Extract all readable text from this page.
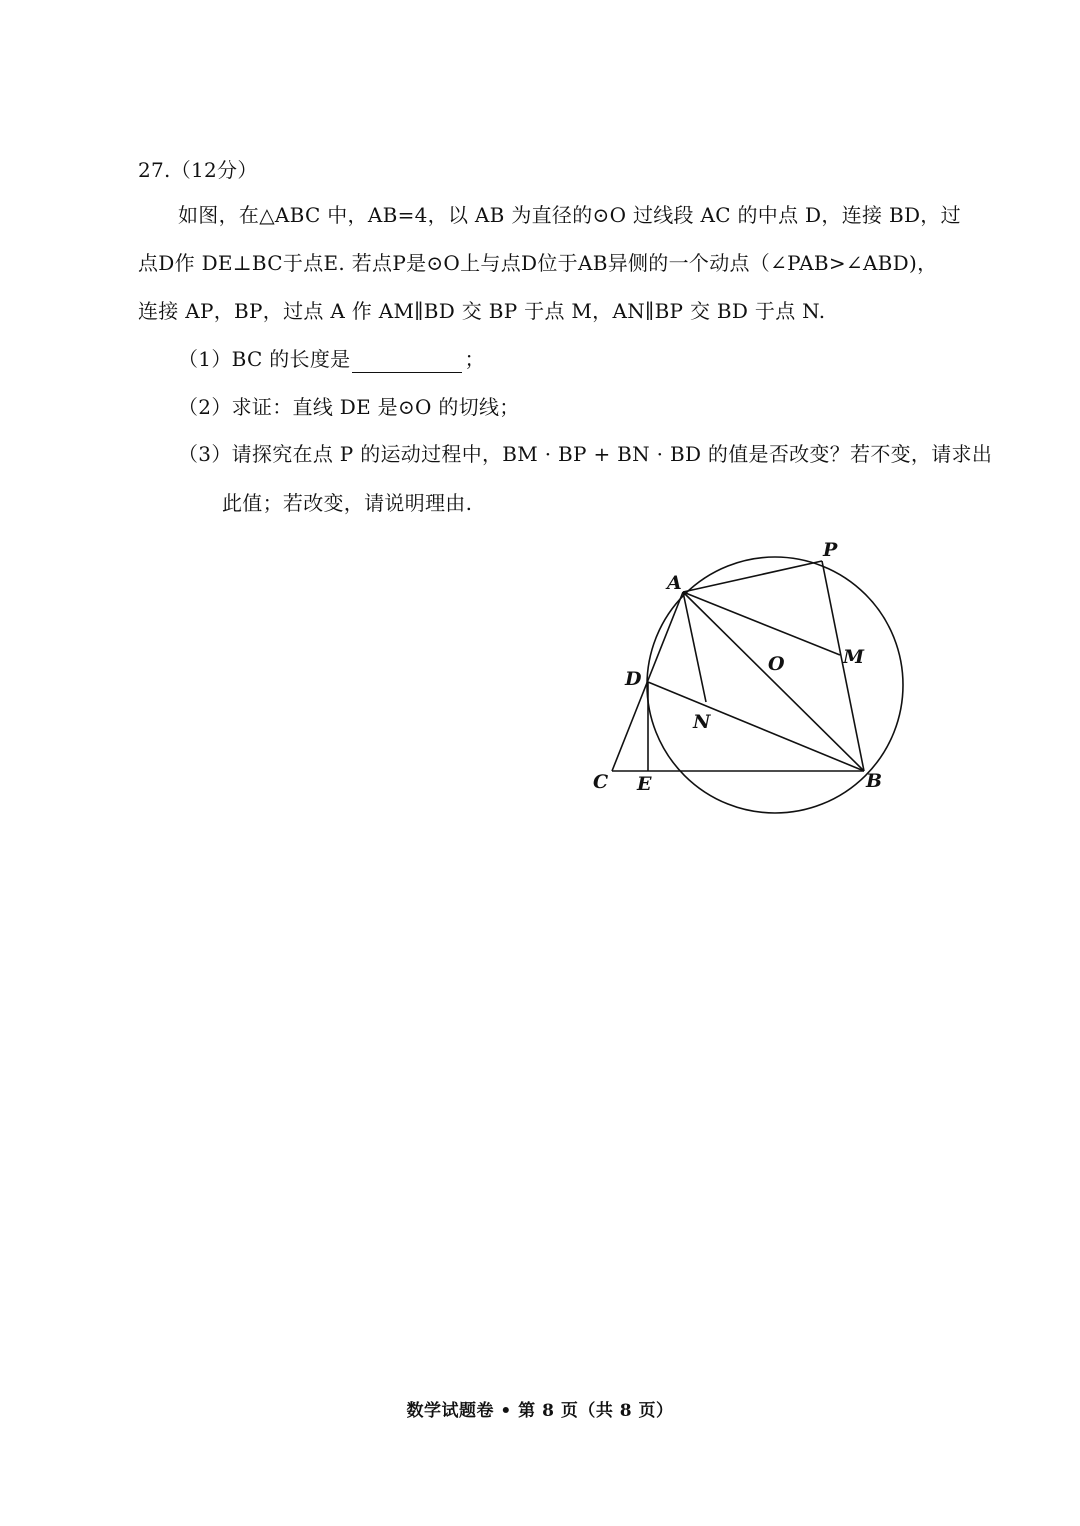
27.（12分）
如图，在△ABC 中，AB=4，以 AB 为直径的⊙O 过线段 AC 的中点 D，连接 BD，过
点D作 DE⊥BC于点E. 若点P是⊙O上与点D位于AB异侧的一个动点（∠PAB>∠ABD)，
连接 AP，BP，过点 A 作 AM∥BD 交 BP 于点 M，AN∥BP 交 BD 于点 N.
（1）BC 的长度是	；
（2）求证：直线 DE 是⊙O 的切线；
（3）请探究在点 P 的运动过程中，BM · BP + BN · BD 的值是否改变？若不变，请求出
此值；若改变，请说明理由.
A
B
C
D
E
M
N
O
P
数学试题卷 • 第 8 页（共 8 页）
